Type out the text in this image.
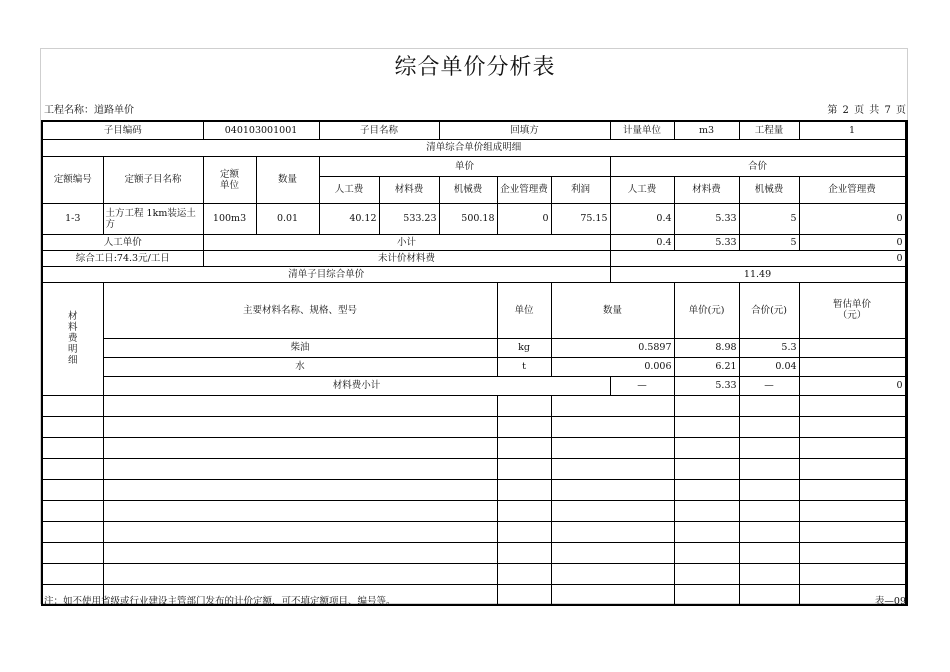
综合单价分析表
工程名称：道路单价	第 2 页 共 7 页
子目编码		040103001001		子目名称		回填方			计量单位	m3	工程量	1	
清单综合单价组成明细													
定额编号	定额子目名称	定额
单位	数量	单价					合价				
				人工费	材料费	机械费	企业管理费	利润	人工费	材料费	机械费	企业管理费	
1-3	土方工程 1km装运土方	100m3	0.01	40.12	533.23	500.18	0	75.15	0.4	5.33	5	0	
人工单价		小计							0.4	5.33	5	0	
综合工日:74.3元/工日		未计价材料费							0				
清单子目综合单价									11.49				
材
料
费
明
细	主要材料名称、规格、型号						单位	数量		单价(元)	合价(元)	暂估单价
（元）	
	柴油						kg	0.5897		8.98	5.3		
	水						t	0.006		6.21	0.04		
	材料费小计								—	5.33	—	0	

注：如不使用省级或行业建设主管部门发布的计价定额，可不填定额项目、编号等。	表—09
